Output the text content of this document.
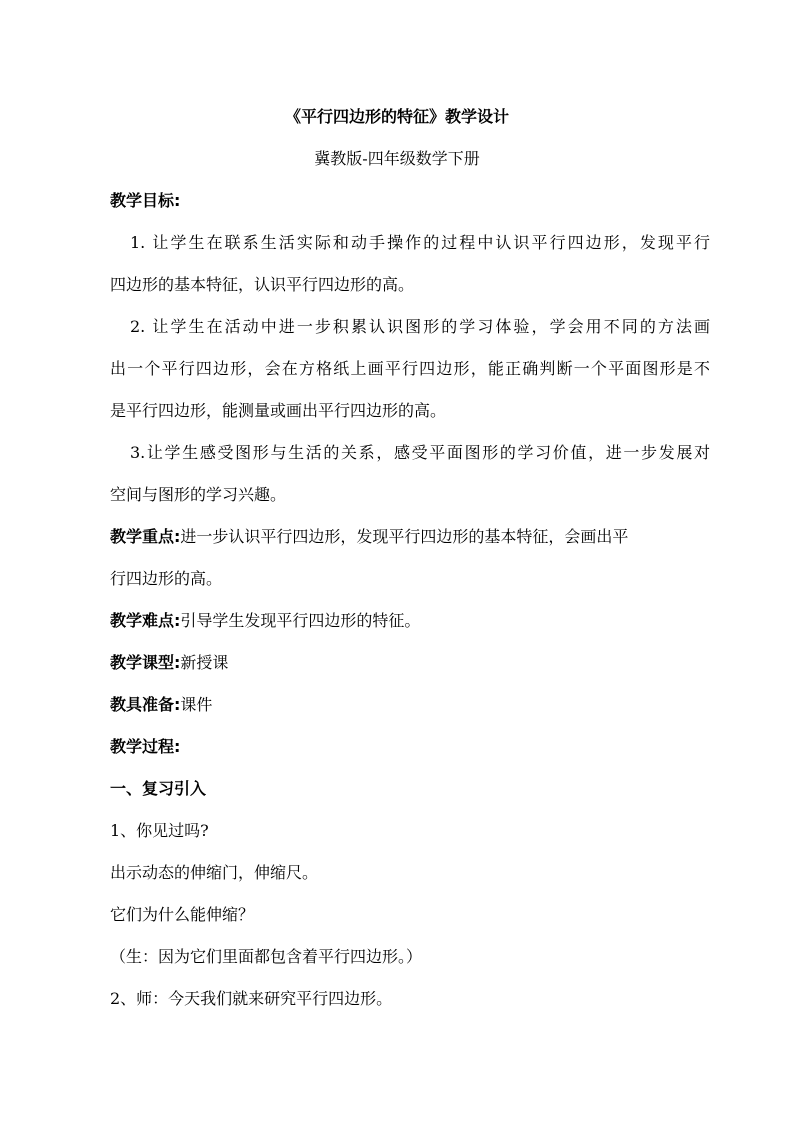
《平行四边形的特征》教学设计
冀教版-四年级数学下册
教学目标:
1. 让学生在联系生活实际和动手操作的过程中认识平行四边形，发现平行
四边形的基本特征，认识平行四边形的高。
2. 让学生在活动中进一步积累认识图形的学习体验，学会用不同的方法画
出一个平行四边形，会在方格纸上画平行四边形，能正确判断一个平面图形是不
是平行四边形，能测量或画出平行四边形的高。
3.让学生感受图形与生活的关系，感受平面图形的学习价值，进一步发展对
空间与图形的学习兴趣。
教学重点:进一步认识平行四边形，发现平行四边形的基本特征，会画出平
行四边形的高。
教学难点:引导学生发现平行四边形的特征。
教学课型:新授课
教具准备:课件
教学过程:
一、复习引入
1、你见过吗?
出示动态的伸缩门，伸缩尺。
它们为什么能伸缩？
（生：因为它们里面都包含着平行四边形。）
2、师：今天我们就来研究平行四边形。
